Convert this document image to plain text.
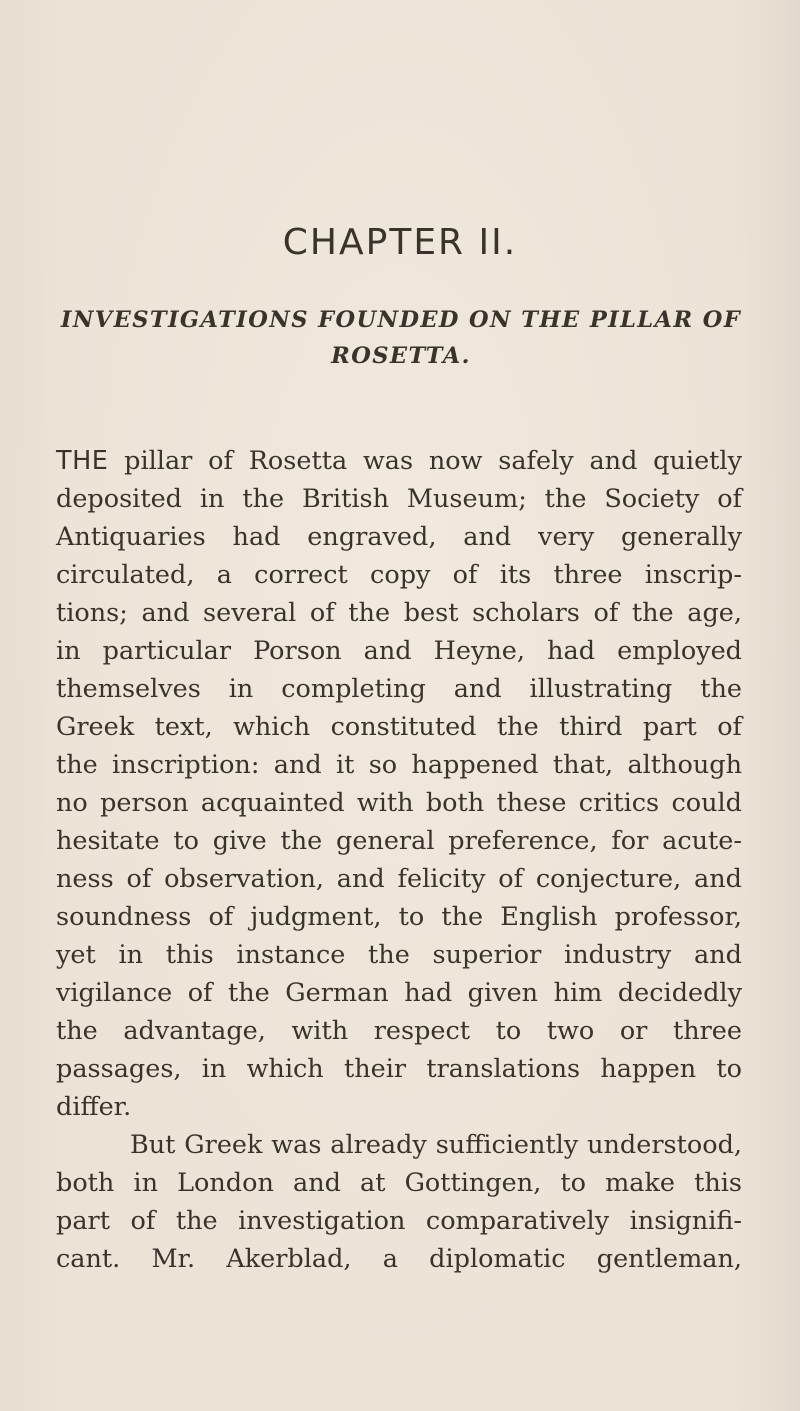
CHAPTER II.
INVESTIGATIONS FOUNDED ON THE PILLAR OF
ROSETTA.
THE pillar of Rosetta was now safely and quietly
deposited in the British Museum; the Society of
Antiquaries had engraved, and very generally
circulated, a correct copy of its three inscrip-
tions; and several of the best scholars of the age,
in particular Porson and Heyne, had employed
themselves in completing and illustrating the
Greek text, which constituted the third part of
the inscription: and it so happened that, although
no person acquainted with both these critics could
hesitate to give the general preference, for acute-
ness of observation, and felicity of conjecture, and
soundness of judgment, to the English professor,
yet in this instance the superior industry and
vigilance of the German had given him decidedly
the advantage, with respect to two or three
passages, in which their translations happen to
differ.
But Greek was already sufficiently understood,
both in London and at Gottingen, to make this
part of the investigation comparatively insignifi-
cant. Mr. Akerblad, a diplomatic gentleman,
